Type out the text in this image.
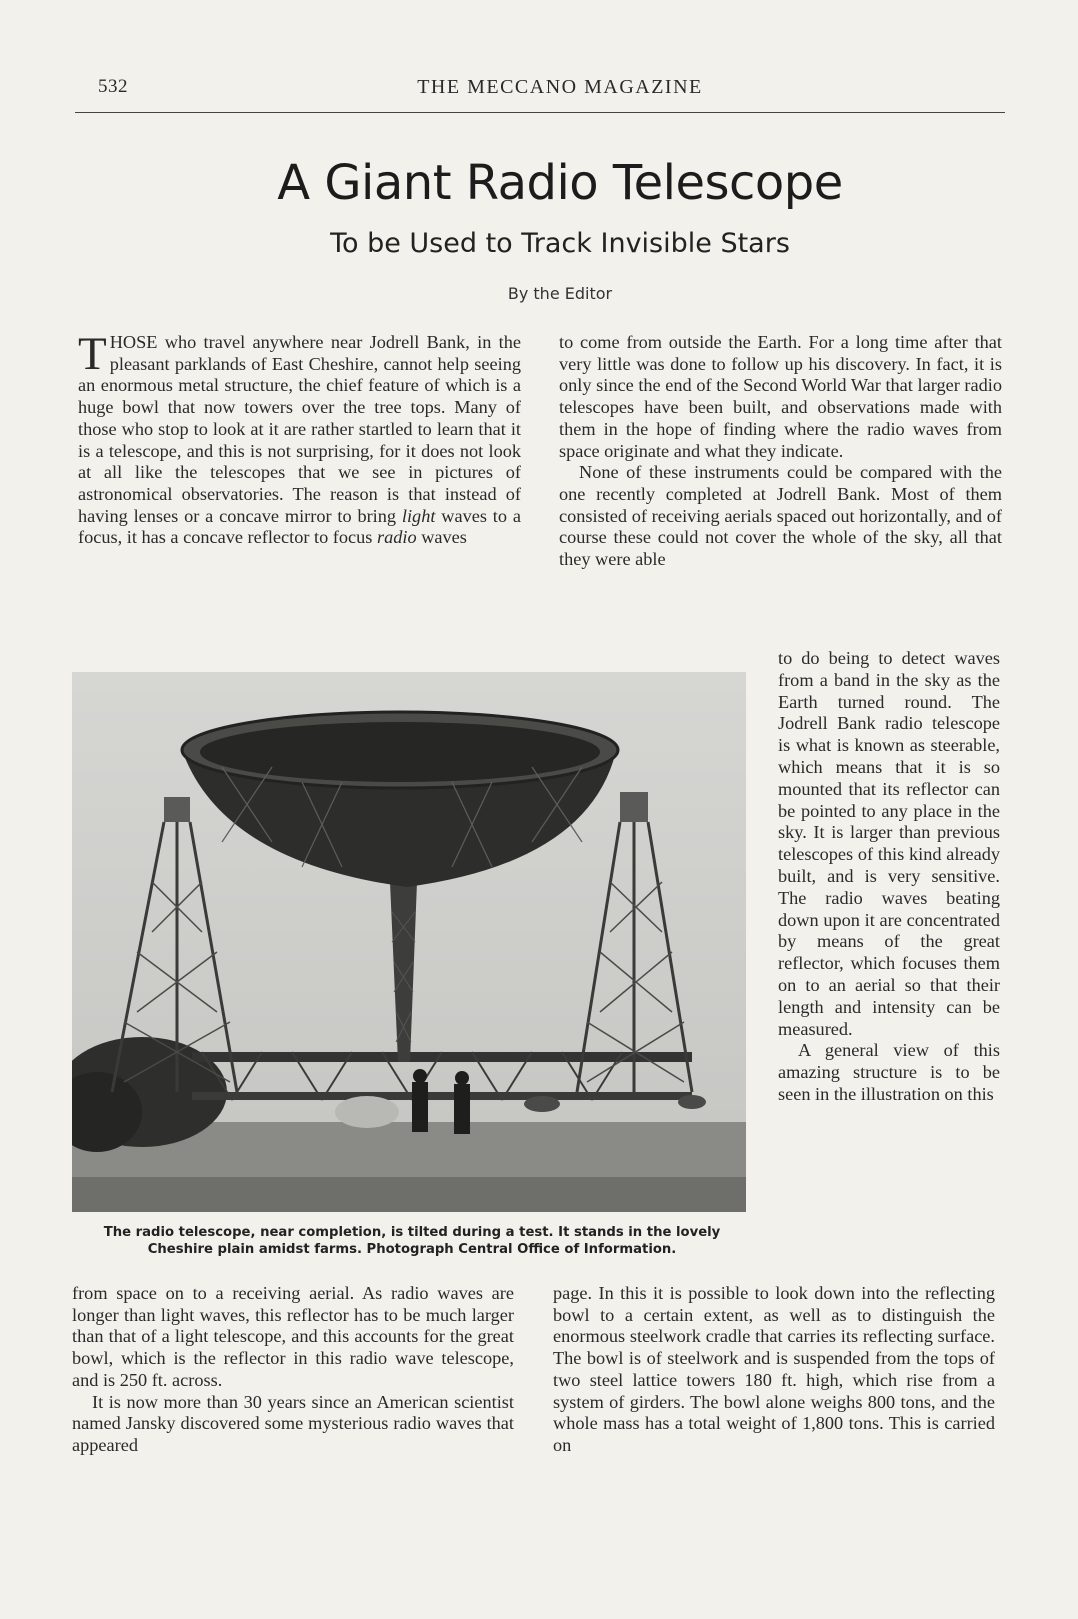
532	THE MECCANO MAGAZINE
A Giant Radio Telescope
To be Used to Track Invisible Stars
By the Editor

THOSE who travel anywhere near Jodrell Bank, in the pleasant parklands of East Cheshire, cannot help seeing an enormous metal structure, the chief feature of which is a huge bowl that now towers over the tree tops. Many of those who stop to look at it are rather startled to learn that it is a telescope, and this is not surprising, for it does not look at all like the telescopes that we see in pictures of astronomical observatories. The reason is that instead of having lenses or a concave mirror to bring light waves to a focus, it has a concave reflector to focus radio waves

to come from outside the Earth. For a long time after that very little was done to follow up his discovery. In fact, it is only since the end of the Second World War that larger radio telescopes have been built, and observations made with them in the hope of finding where the radio waves from space originate and what they indicate.

None of these instruments could be compared with the one recently completed at Jodrell Bank. Most of them consisted of receiving aerials spaced out horizontally, and of course these could not cover the whole of the sky, all that they were able

The radio telescope, near completion, is tilted during a test. It stands in the lovely Cheshire plain amidst farms. Photograph Central Office of Information.

to do being to detect waves from a band in the sky as the Earth turned round. The Jodrell Bank radio telescope is what is known as steerable, which means that it is so mounted that its reflector can be pointed to any place in the sky. It is larger than previous telescopes of this kind already built, and is very sensitive. The radio waves beating down upon it are concentrated by means of the great reflector, which focuses them on to an aerial so that their length and intensity can be measured.

A general view of this amazing structure is to be seen in the illustration on this

from space on to a receiving aerial. As radio waves are longer than light waves, this reflector has to be much larger than that of a light telescope, and this accounts for the great bowl, which is the reflector in this radio wave telescope, and is 250 ft. across.

It is now more than 30 years since an American scientist named Jansky discovered some mysterious radio waves that appeared

page. In this it is possible to look down into the reflecting bowl to a certain extent, as well as to distinguish the enormous steelwork cradle that carries its reflecting surface. The bowl is of steelwork and is suspended from the tops of two steel lattice towers 180 ft. high, which rise from a system of girders. The bowl alone weighs 800 tons, and the whole mass has a total weight of 1,800 tons. This is carried on
